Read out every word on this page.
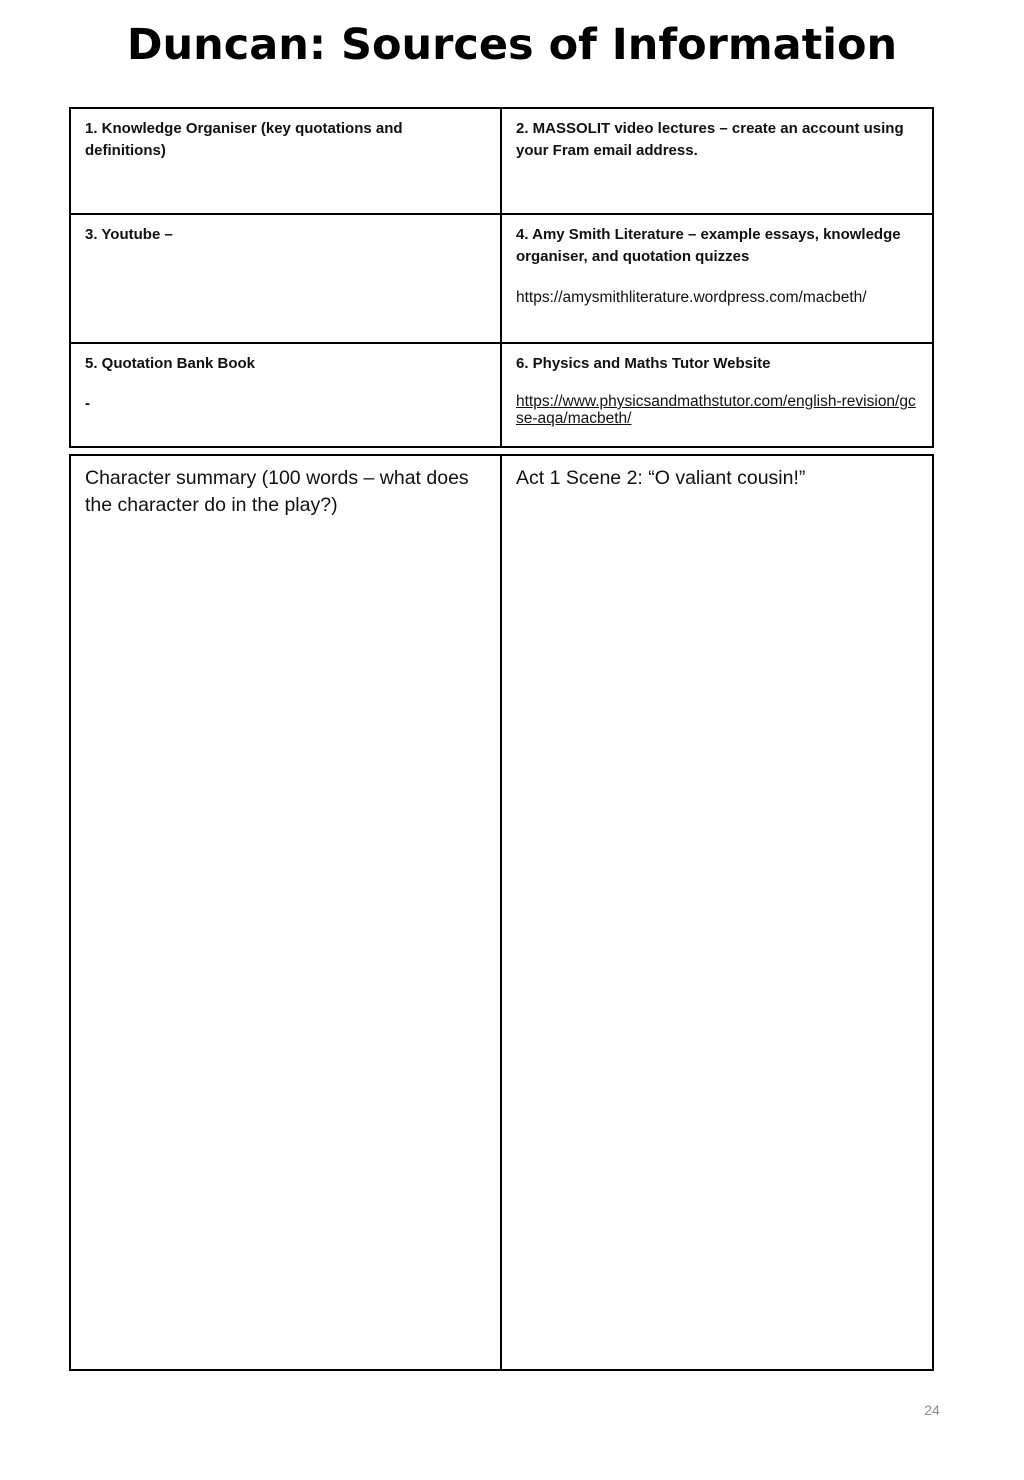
Duncan: Sources of Information
1. Knowledge Organiser (key quotations and definitions)
2. MASSOLIT video lectures – create an account using your Fram email address.
3. Youtube –	4. Amy Smith Literature – example essays, knowledge organiser, and quotation quizzes
https://amysmithliterature.wordpress.com/macbeth/
5. Quotation Bank Book
-
6. Physics and Maths Tutor Website
https://www.physicsandmathstutor.com/english-revision/gcse-aqa/macbeth/
Character summary (100 words – what does the character do in the play?)
Act 1 Scene 2: “O valiant cousin!”
24
